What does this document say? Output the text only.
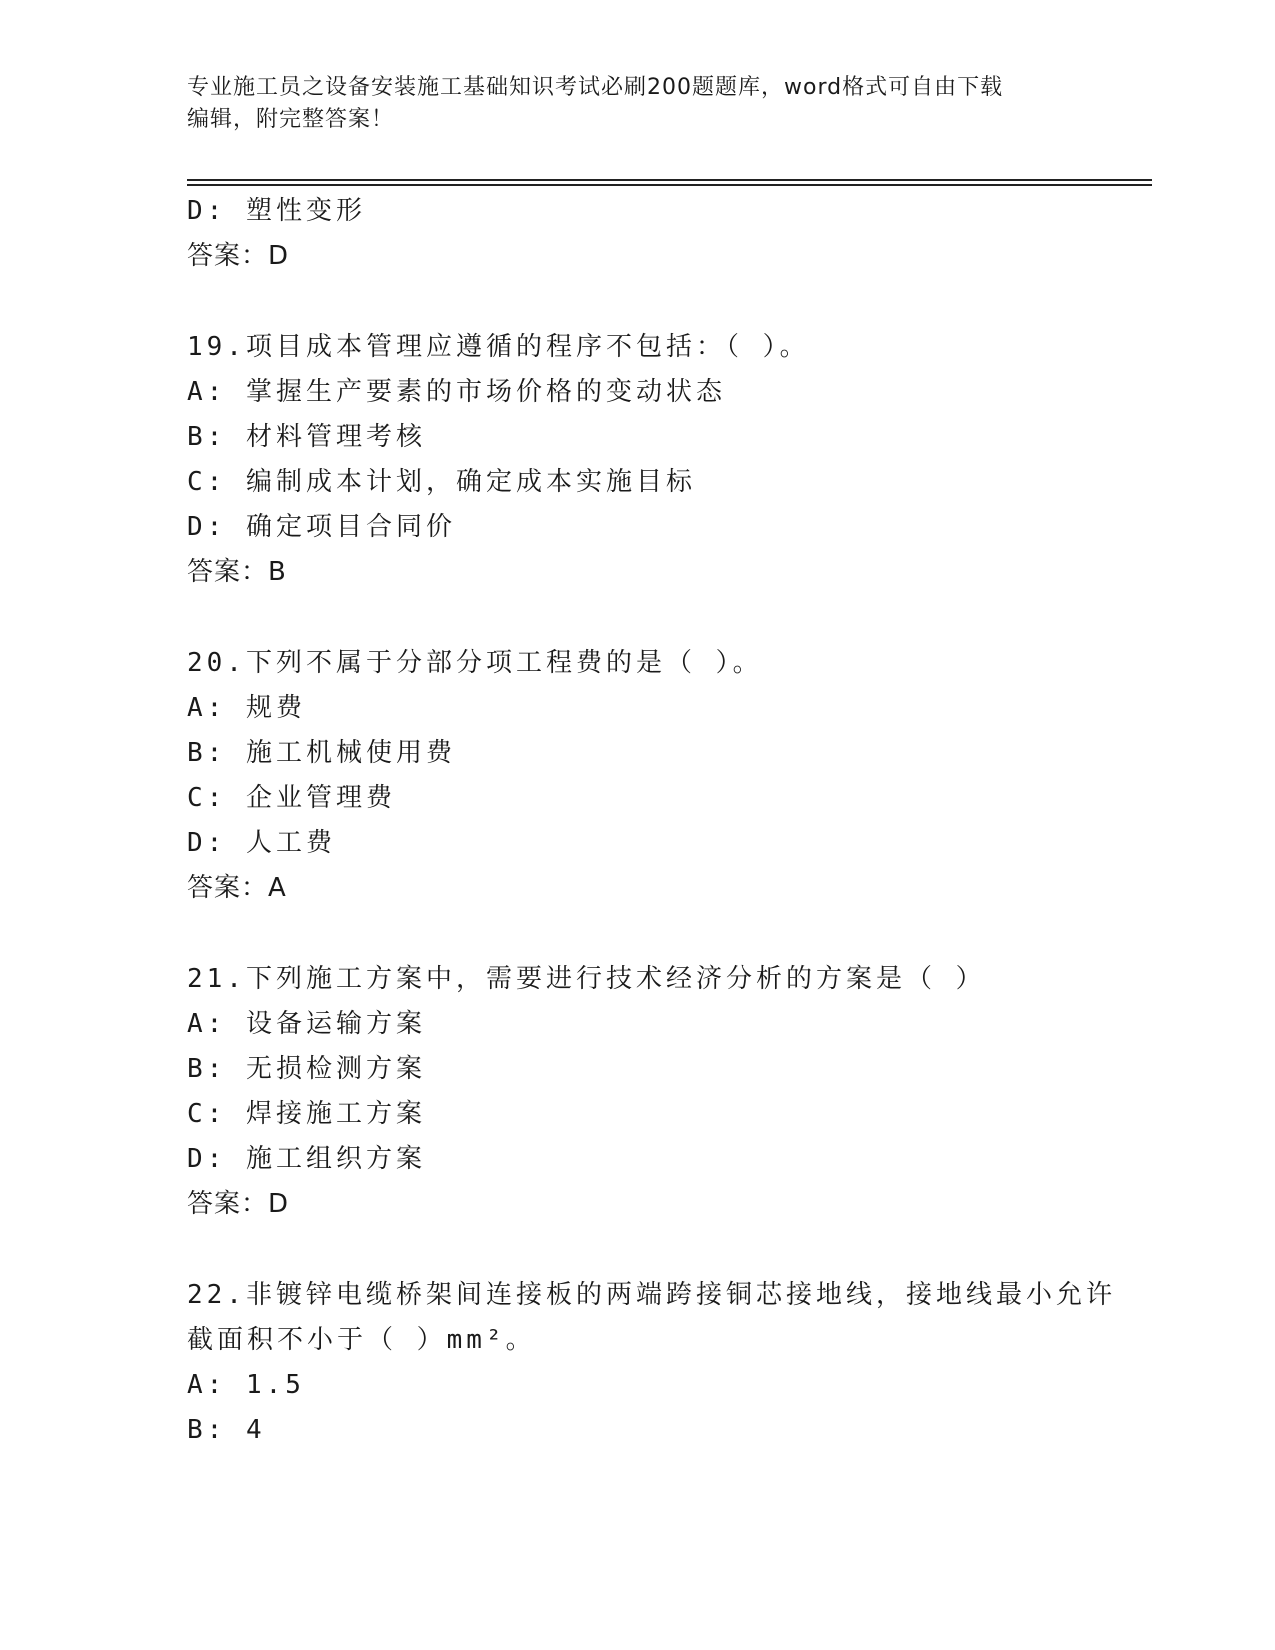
专业施工员之设备安装施工基础知识考试必刷200题题库，word格式可自由下载
编辑，附完整答案！
D: 塑性变形
答案：D
19.项目成本管理应遵循的程序不包括：（ ）。
A: 掌握生产要素的市场价格的变动状态
B: 材料管理考核
C: 编制成本计划，确定成本实施目标
D: 确定项目合同价
答案：B
20.下列不属于分部分项工程费的是（ ）。
A: 规费
B: 施工机械使用费
C: 企业管理费
D: 人工费
答案：A
21.下列施工方案中，需要进行技术经济分析的方案是（ ）
A: 设备运输方案
B: 无损检测方案
C: 焊接施工方案
D: 施工组织方案
答案：D
22.非镀锌电缆桥架间连接板的两端跨接铜芯接地线，接地线最小允许
截面积不小于（ ）mm²。
A: 1.5
B: 4
